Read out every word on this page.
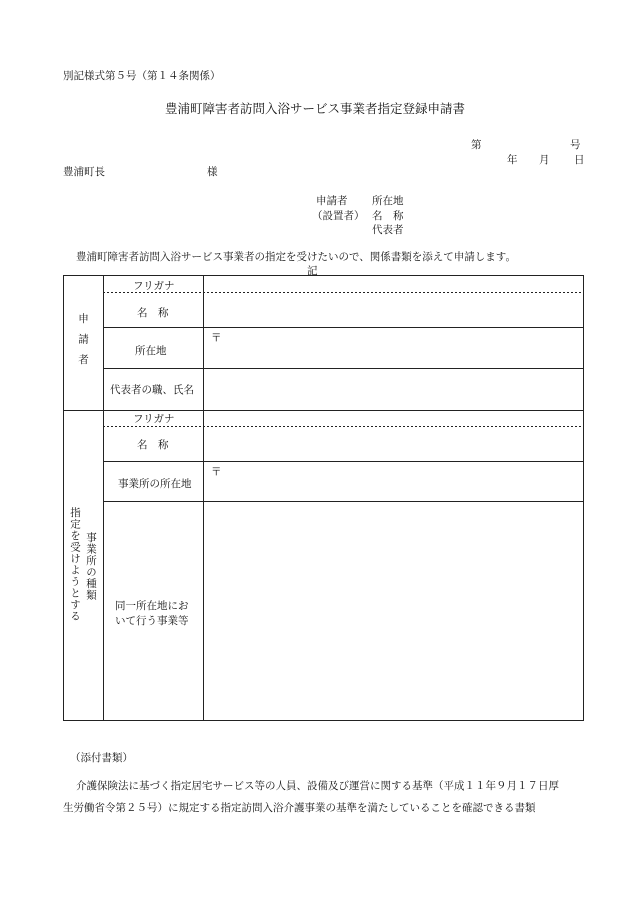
別記様式第５号（第１４条関係）
豊浦町障害者訪問入浴サービス事業者指定登録申請書
第	号
年 月 日
豊浦町長	様
申請者
（設置者）
所在地
名　称
代表者
豊浦町障害者訪問入浴サービス事業者の指定を受けたいので、関係書類を添えて申請します。
記
申請者
フリガナ
名　称
所在地
〒
代表者の職、氏名
指定を受けようとする 事業所の種類
フリガナ
名　称
事業所の所在地
〒
同一所在地にお
いて行う事業等
（添付書類）
介護保険法に基づく指定居宅サービス等の人員、設備及び運営に関する基準（平成１１年９月１７日厚
生労働省令第２５号）に規定する指定訪問入浴介護事業の基準を満たしていることを確認できる書類
